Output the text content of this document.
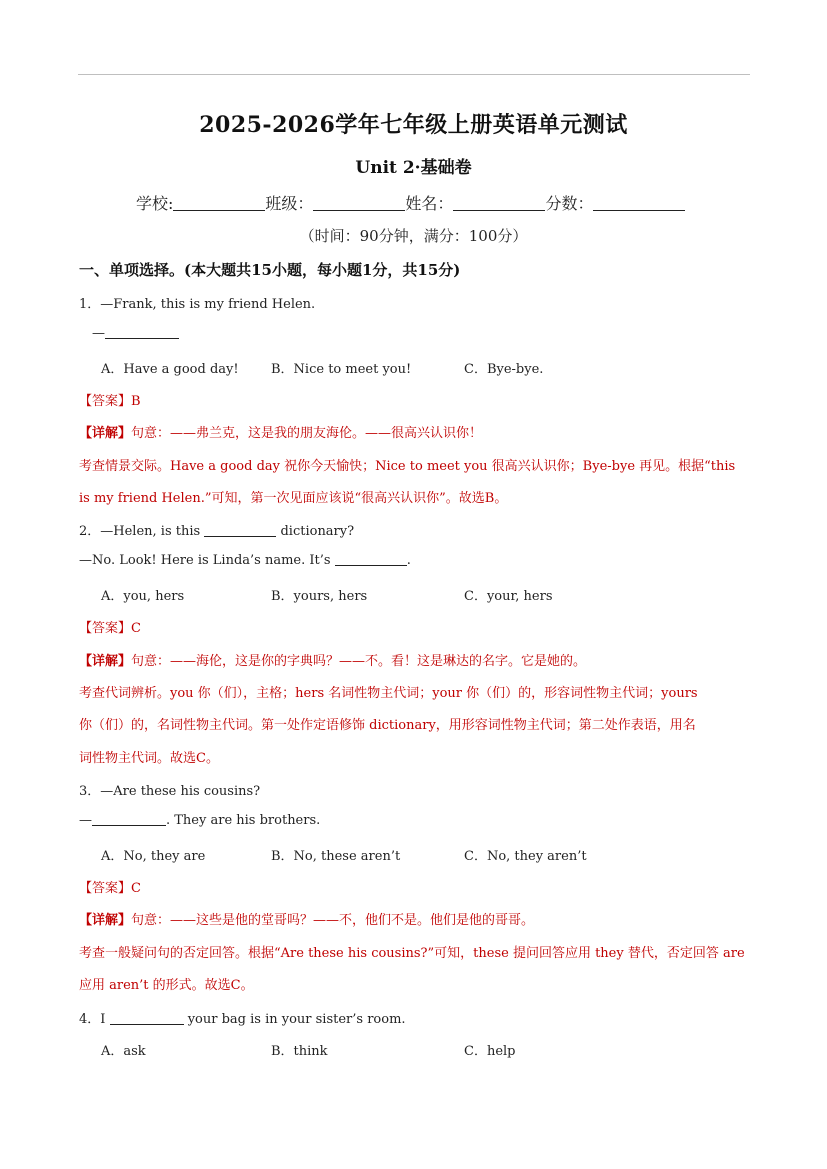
2025-2026学年七年级上册英语单元测试
Unit 2·基础卷
学校:	班级：	姓名：	分数：
（时间：90分钟，满分：100分）
一、单项选择。(本大题共15小题，每小题1分，共15分)
1．—Frank, this is my friend Helen.
—
A．Have a good day! B．Nice to meet you!	C．Bye-bye.
【答案】B
【详解】句意：——弗兰克，这是我的朋友海伦。——很高兴认识你！
考查情景交际。Have a good day 祝你今天愉快；Nice to meet you 很高兴认识你；Bye-bye 再见。根据“this
is my friend Helen.”可知，第一次见面应该说“很高兴认识你”。故选B。
2．—Helen, is this	dictionary?
—No. Look! Here is Linda’s name. It’s	.
A．you, hers	B．yours, hers	C．your, hers
【答案】C
【详解】句意：——海伦，这是你的字典吗？——不。看！这是琳达的名字。它是她的。
考查代词辨析。you 你（们），主格；hers 名词性物主代词；your 你（们）的，形容词性物主代词；yours
你（们）的，名词性物主代词。第一处作定语修饰 dictionary，用形容词性物主代词；第二处作表语，用名
词性物主代词。故选C。
3．—Are these his cousins?
—	. They are his brothers.
A．No, they are	B．No, these aren’t	C．No, they aren’t
【答案】C
【详解】句意：——这些是他的堂哥吗？——不，他们不是。他们是他的哥哥。
考查一般疑问句的否定回答。根据“Are these his cousins?”可知，these 提问回答应用 they 替代，否定回答 are
应用 aren’t 的形式。故选C。
4．I	your bag is in your sister’s room.
A．ask	B．think	C．help
